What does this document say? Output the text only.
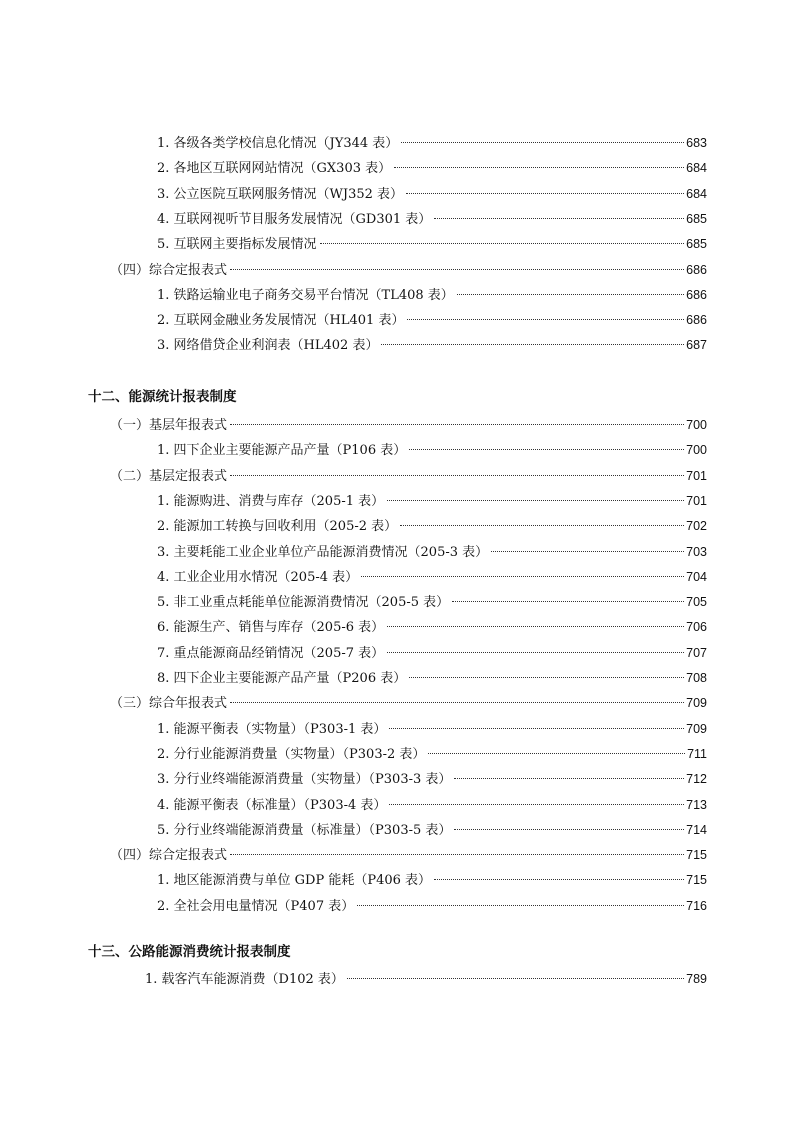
1. 各级各类学校信息化情况（JY344 表）	683
2. 各地区互联网网站情况（GX303 表）	684
3. 公立医院互联网服务情况（WJ352 表）	684
4. 互联网视听节目服务发展情况（GD301 表）	685
5. 互联网主要指标发展情况	685
（四）综合定报表式	686
1. 铁路运输业电子商务交易平台情况（TL408 表）	686
2. 互联网金融业务发展情况（HL401 表）	686
3. 网络借贷企业利润表（HL402 表）	687
十二、能源统计报表制度
（一）基层年报表式	700
1. 四下企业主要能源产品产量（P106 表）	700
（二）基层定报表式	701
1. 能源购进、消费与库存（205-1 表）	701
2. 能源加工转换与回收利用（205-2 表）	702
3. 主要耗能工业企业单位产品能源消费情况（205-3 表）	703
4. 工业企业用水情况（205-4 表）	704
5. 非工业重点耗能单位能源消费情况（205-5 表）	705
6. 能源生产、销售与库存（205-6 表）	706
7. 重点能源商品经销情况（205-7 表）	707
8. 四下企业主要能源产品产量（P206 表）	708
（三）综合年报表式	709
1. 能源平衡表（实物量）（P303-1 表）	709
2. 分行业能源消费量（实物量）（P303-2 表）	711
3. 分行业终端能源消费量（实物量）（P303-3 表）	712
4. 能源平衡表（标准量）（P303-4 表）	713
5. 分行业终端能源消费量（标准量）（P303-5 表）	714
（四）综合定报表式	715
1. 地区能源消费与单位 GDP 能耗（P406 表）	715
2. 全社会用电量情况（P407 表）	716
十三、公路能源消费统计报表制度
1. 载客汽车能源消费（D102 表）	789
